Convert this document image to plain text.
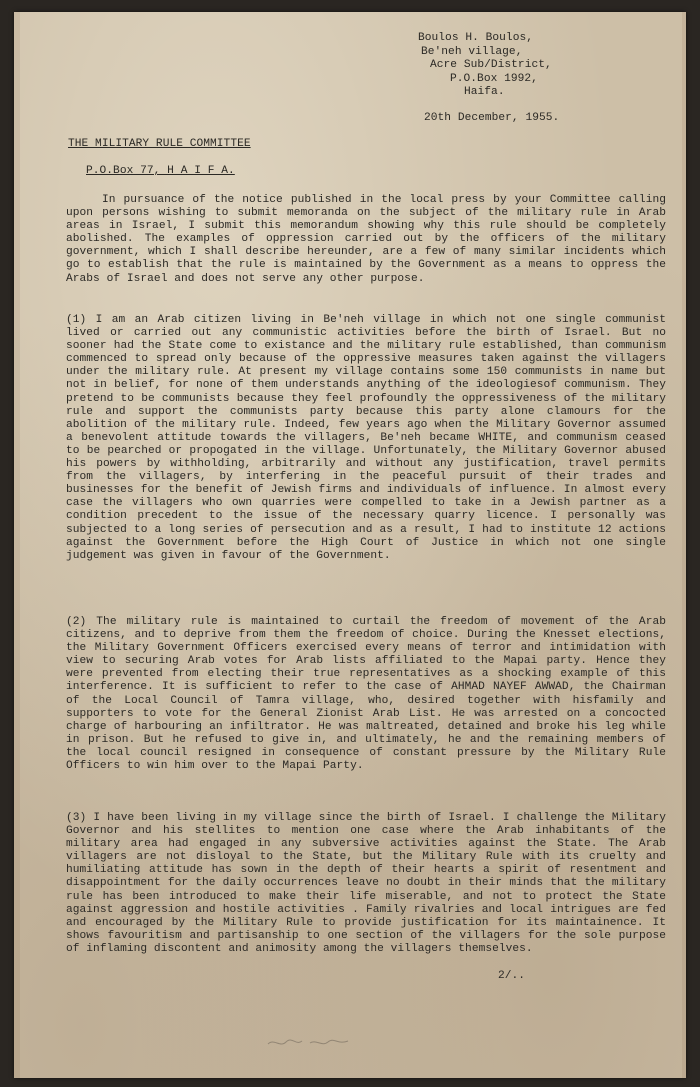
Boulos H. Boulos,
Be'neh village,
Acre Sub/District,
P.O.Box 1992,
Haifa.
20th December, 1955.
THE MILITARY RULE COMMITTEE
P.O.Box 77, H A I F A.

In pursuance of the notice published in the local press by your Committee calling upon persons wishing to submit memoranda on the subject of the military rule in Arab areas in Israel, I submit this memorandum showing why this rule should be completely abolished. The examples of oppression carried out by the officers of the military government, which I shall describe hereunder, are a few of many similar incidents which go to establish that the rule is maintained by the Government as a means to oppress the Arabs of Israel and does not serve any other purpose.

(1) I am an Arab citizen living in Be'neh village in which not one single communist lived or carried out any communistic activities before the birth of Israel. But no sooner had the State come to existance and the military rule established, than communism commenced to spread only because of the oppressive measures taken against the villagers under the military rule. At present my village contains some 150 communists in name but not in belief, for none of them understands anything of the ideologiesof communism. They pretend to be communists because they feel profoundly the oppressiveness of the military rule and support the communists party because this party alone clamours for the abolition of the military rule. Indeed, few years ago when the Military Governor assumed a benevolent attitude towards the villagers, Be'neh became WHITE, and communism ceased to be pearched or propogated in the village. Unfortunately, the Military Governor abused his powers by withholding, arbitrarily and without any justification, travel permits from the villagers, by interfering in the peaceful pursuit of their trades and businesses for the benefit of Jewish firms and individuals of influence. In almost every case the villagers who own quarries were compelled to take in a Jewish partner as a condition precedent to the issue of the necessary quarry licence. I personally was subjected to a long series of persecution and as a result, I had to institute 12 actions against the Government before the High Court of Justice in which not one single judgement was given in favour of the Government.

(2) The military rule is maintained to curtail the freedom of movement of the Arab citizens, and to deprive from them the freedom of choice. During the Knesset elections, the Military Government Officers exercised every means of terror and intimidation with view to securing Arab votes for Arab lists affiliated to the Mapai party. Hence they were prevented from electing their true representatives as a shocking example of this interference. It is sufficient to refer to the case of AHMAD NAYEF AWWAD, the Chairman of the Local Council of Tamra village, who, desired together with hisfamily and supporters to vote for the General Zionist Arab List. He was arrested on a concocted charge of harbouring an infiltrator. He was maltreated, detained and broke his leg while in prison. But he refused to give in, and ultimately, he and the remaining members of the local council resigned in consequence of constant pressure by the Military Rule Officers to win him over to the Mapai Party.

(3) I have been living in my village since the birth of Israel. I challenge the Military Governor and his stellites to mention one case where the Arab inhabitants of the military area had engaged in any subversive activities against the State. The Arab villagers are not disloyal to the State, but the Military Rule with its cruelty and humiliating attitude has sown in the depth of their hearts a spirit of resentment and disappointment for the daily occurrences leave no doubt in their minds that the military rule has been introduced to make their life miserable, and not to protect the State against aggression and hostile activities . Family rivalries and local intrigues are fed and encouraged by the Military Rule to provide justification for its maintainence. It shows favouritism and partisanship to one section of the villagers for the sole purpose of inflaming discontent and animosity among the villagers themselves.

2/..
